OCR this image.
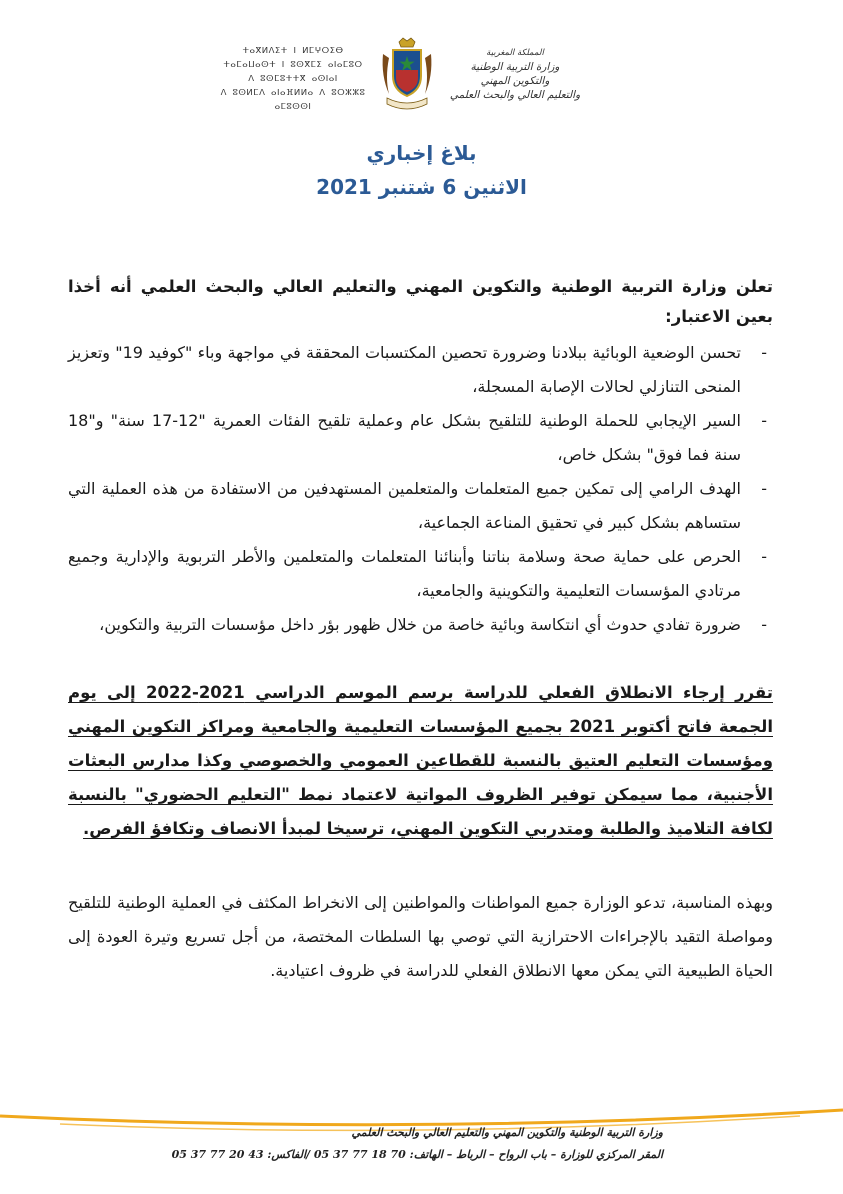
المملكة المغربية
وزارة التربية الوطنية
والتكوين المهني
والتعليم العالي والبحث العلمي
ⵜⴰⴳⵍⴷⵉⵜ ⵏ ⵍⵎⵖⵔⵉⴱ
ⵜⴰⵎⴰⵡⴰⵙⵜ ⵏ ⵓⵙⴳⵎⵉ ⴰⵏⴰⵎⵓⵔ
ⴷ ⵓⵙⵎⵓⵜⵜⴳ ⴰⵙⵏⴰⵏ
ⴷ ⵓⵙⵍⵎⴷ ⴰⵏⴰⴼⵍⵍⴰ ⴷ ⵓⵔⵣⵣⵓ ⴰⵎⵓⵙⵙⵏ
بلاغ إخباري
الاثنين 6 شتنبر 2021

تعلن وزارة التربية الوطنية والتكوين المهني والتعليم العالي والبحث العلمي أنه أخذا بعين الاعتبار:

- تحسن الوضعية الوبائية ببلادنا وضرورة تحصين المكتسبات المحققة في مواجهة وباء "كوفيد 19" وتعزيز المنحى التنازلي لحالات الإصابة المسجلة،
- السير الإيجابي للحملة الوطنية للتلقيح بشكل عام وعملية تلقيح الفئات العمرية "12-17 سنة" و"18 سنة فما فوق" بشكل خاص،
- الهدف الرامي إلى تمكين جميع المتعلمات والمتعلمين المستهدفين من الاستفادة من هذه العملية التي ستساهم بشكل كبير في تحقيق المناعة الجماعية،
- الحرص على حماية صحة وسلامة بناتنا وأبنائنا المتعلمات والمتعلمين والأطر التربوية والإدارية وجميع مرتادي المؤسسات التعليمية والتكوينية والجامعية،
- ضرورة تفادي حدوث أي انتكاسة وبائية خاصة من خلال ظهور بؤر داخل مؤسسات التربية والتكوين،

تقرر إرجاء الانطلاق الفعلي للدراسة برسم الموسم الدراسي 2021-2022 إلى يوم الجمعة فاتح أكتوبر 2021 بجميع المؤسسات التعليمية والجامعية ومراكز التكوين المهني ومؤسسات التعليم العتيق بالنسبة للقطاعين العمومي والخصوصي وكذا مدارس البعثات الأجنبية، مما سيمكن توفير الظروف المواتية لاعتماد نمط "التعليم الحضوري" بالنسبة لكافة التلاميذ والطلبة ومتدربي التكوين المهني، ترسيخا لمبدأ الانصاف وتكافؤ الفرص.

وبهذه المناسبة، تدعو الوزارة جميع المواطنات والمواطنين إلى الانخراط المكثف في العملية الوطنية للتلقيح ومواصلة التقيد بالإجراءات الاحترازية التي توصي بها السلطات المختصة، من أجل تسريع وتيرة العودة إلى الحياة الطبيعية التي يمكن معها الانطلاق الفعلي للدراسة في ظروف اعتيادية.

وزارة التربية الوطنية والتكوين المهني والتعليم العالي والبحث العلمي
المقر المركزي للوزارة – باب الرواح – الرباط – الهاتف: 70 18 77 37 05 /الفاكس: 43 20 77 37 05
